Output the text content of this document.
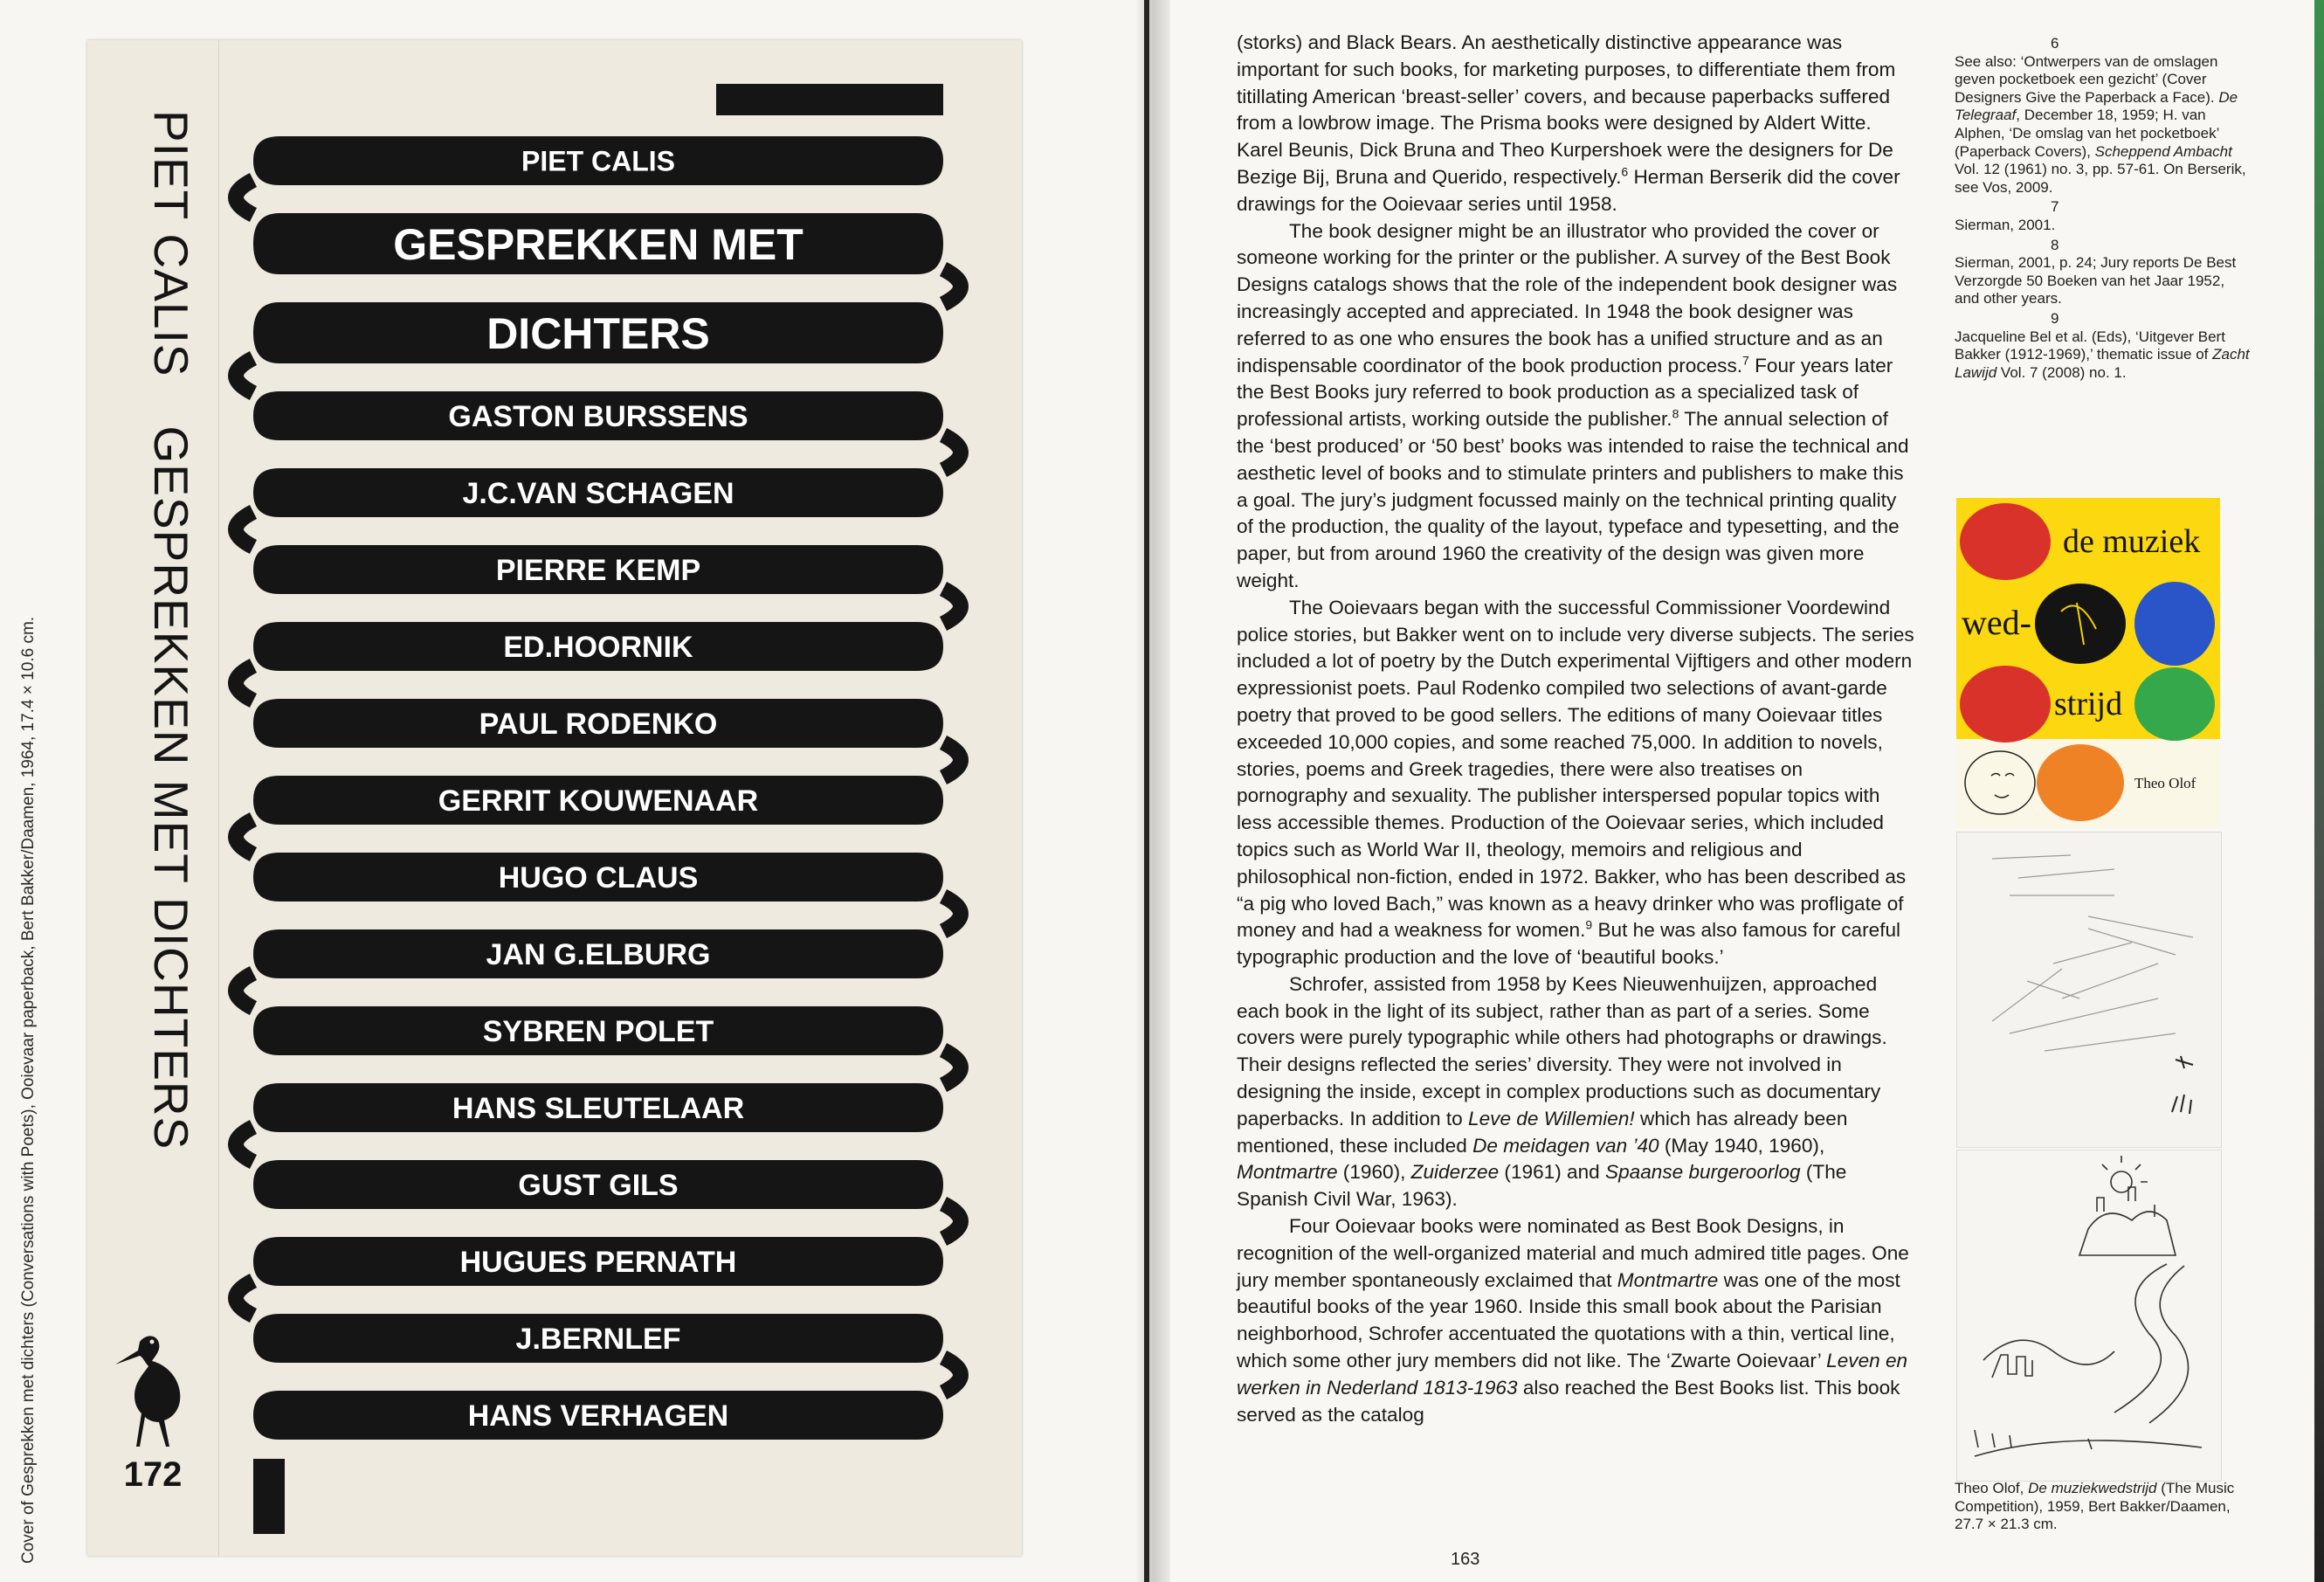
Cover of Gesprekken met dichters (Conversations with Poets), Ooievaar paperback, Bert Bakker/Daamen, 1964, 17.4 × 10.6 cm.
PIET CALISGESPREKKEN MET DICHTERS
172
PIET CALIS
GESPREKKEN MET
DICHTERS
GASTON BURSSENS
J.C.VAN SCHAGEN
PIERRE KEMP
ED.HOORNIK
PAUL RODENKO
GERRIT KOUWENAAR
HUGO CLAUS
JAN G.ELBURG
SYBREN POLET
HANS SLEUTELAAR
GUST GILS
HUGUES PERNATH
J.BERNLEF
HANS VERHAGEN

(storks) and Black Bears. An aesthetically distinctive appearance was important for such books, for marketing purposes, to differentiate them from titillating American ‘breast-seller’ covers, and because paperbacks suffered from a lowbrow image. The Prisma books were designed by Aldert Witte. Karel Beunis, Dick Bruna and Theo Kurpershoek were the designers for De Bezige Bij, Bruna and Querido, respectively.$^6$ Herman Berserik did the cover drawings for the Ooievaar series until 1958.

The book designer might be an illustrator who provided the cover or someone working for the printer or the publisher. A survey of the Best Book Designs catalogs shows that the role of the independent book designer was increasingly accepted and appreciated. In 1948 the book designer was referred to as one who ensures the book has a unified structure and as an indispensable coordinator of the book production process.$^7$ Four years later the Best Books jury referred to book production as a specialized task of professional artists, working outside the publisher.$^8$ The annual selection of the ‘best produced’ or ‘50 best’ books was intended to raise the technical and aesthetic level of books and to stimulate printers and publishers to make this a goal. The jury’s judgment focussed mainly on the technical printing quality of the production, the quality of the layout, typeface and typesetting, and the paper, but from around 1960 the creativity of the design was given more weight.

The Ooievaars began with the successful Commissioner Voordewind police stories, but Bakker went on to include very diverse subjects. The series included a lot of poetry by the Dutch experimental Vijftigers and other modern expressionist poets. Paul Rodenko compiled two selections of avant-garde poetry that proved to be good sellers. The editions of many Ooievaar titles exceeded 10,000 copies, and some reached 75,000. In addition to novels, stories, poems and Greek tragedies, there were also treatises on pornography and sexuality. The publisher interspersed popular topics with less accessible themes. Production of the Ooievaar series, which included topics such as World War II, theology, memoirs and religious and philosophical non-fiction, ended in 1972. Bakker, who has been described as “a pig who loved Bach,” was known as a heavy drinker who was profligate of money and had a weakness for women.$^9$ But he was also famous for careful typographic production and the love of ‘beautiful books.’

Schrofer, assisted from 1958 by Kees Nieuwenhuijzen, approached each book in the light of its subject, rather than as part of a series. Some covers were purely typographic while others had photographs or drawings. Their designs reflected the series’ diversity. They were not involved in designing the inside, except in complex productions such as documentary paperbacks. In addition to Leve de Willemien! which has already been mentioned, these included De meidagen van ’40 (May 1940, 1960), Montmartre (1960), Zuiderzee (1961) and Spaanse burgeroorlog (The Spanish Civil War, 1963).

Four Ooievaar books were nominated as Best Book Designs, in recognition of the well-organized material and much admired title pages. One jury member spontaneously exclaimed that Montmartre was one of the most beautiful books of the year 1960. Inside this small book about the Parisian neighborhood, Schrofer accentuated the quotations with a thin, vertical line, which some other jury members did not like. The ‘Zwarte Ooievaar’ Leven en werken in Nederland 1813-1963 also reached the Best Books list. This book served as the catalog

6
See also: ‘Ontwerpers van de omslagen geven pocketboek een gezicht’ (Cover Designers Give the Paperback a Face). De Telegraaf, December 18, 1959; H. van Alphen, ‘De omslag van het pocketboek’ (Paperback Covers), Scheppend Ambacht Vol. 12 (1961) no. 3, pp. 57-61. On Berserik, see Vos, 2009.
7
Sierman, 2001.
8
Sierman, 2001, p. 24; Jury reports De Best Verzorgde 50 Boeken van het Jaar 1952, and other years.
9
Jacqueline Bel et al. (Eds), ‘Uitgever Bert Bakker (1912-1969),’ thematic issue of Zacht Lawijd Vol. 7 (2008) no. 1.
de muziek
wed-
strijd
Theo Olof
Theo Olof, De muziekwedstrijd (The Music Competition), 1959, Bert Bakker/Daamen, 27.7 × 21.3 cm.
163
